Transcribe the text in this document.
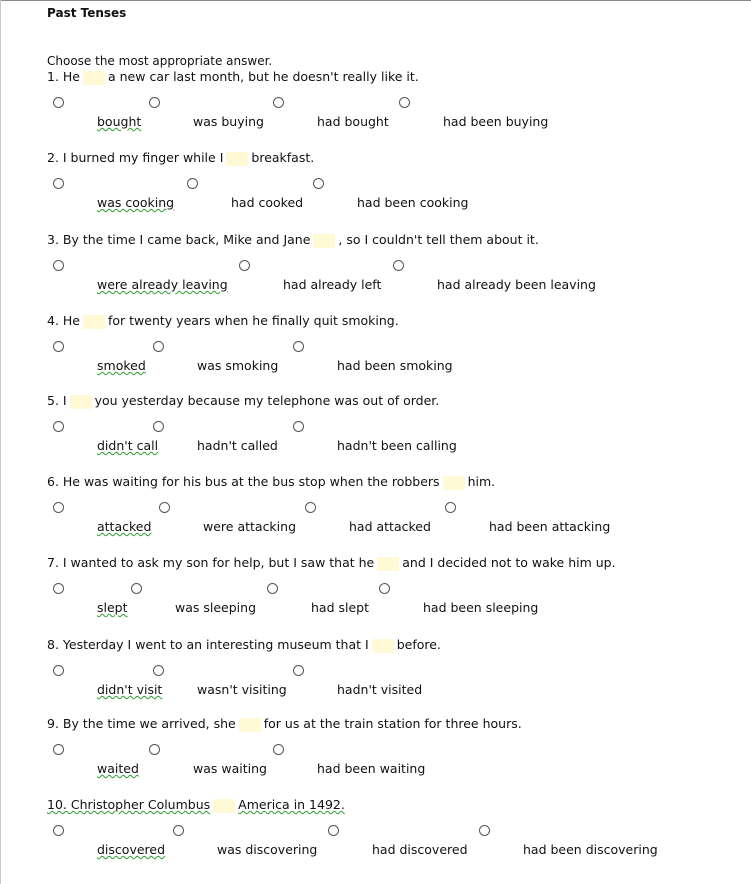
Past Tenses
Choose the most appropriate answer.
1. He a new car last month, but he doesn't really like it.
bought	was buying	had bought	had been buying
2. I burned my finger while I breakfast.
was cooking	had cooked	had been cooking
3. By the time I came back, Mike and Jane , so I couldn't tell them about it.
were already leaving	had already left	had already been leaving
4. He for twenty years when he finally quit smoking.
smoked	was smoking	had been smoking
5. I you yesterday because my telephone was out of order.
didn't call	hadn't called	hadn't been calling
6. He was waiting for his bus at the bus stop when the robbers him.
attacked	were attacking	had attacked	had been attacking
7. I wanted to ask my son for help, but I saw that he and I decided not to wake him up.
slept	was sleeping	had slept	had been sleeping
8. Yesterday I went to an interesting museum that I before.
didn't visit	wasn't visiting	hadn't visited
9. By the time we arrived, she for us at the train station for three hours.
waited	was waiting	had been waiting
10. Christopher Columbus America in 1492.
discovered	was discovering	had discovered	had been discovering
